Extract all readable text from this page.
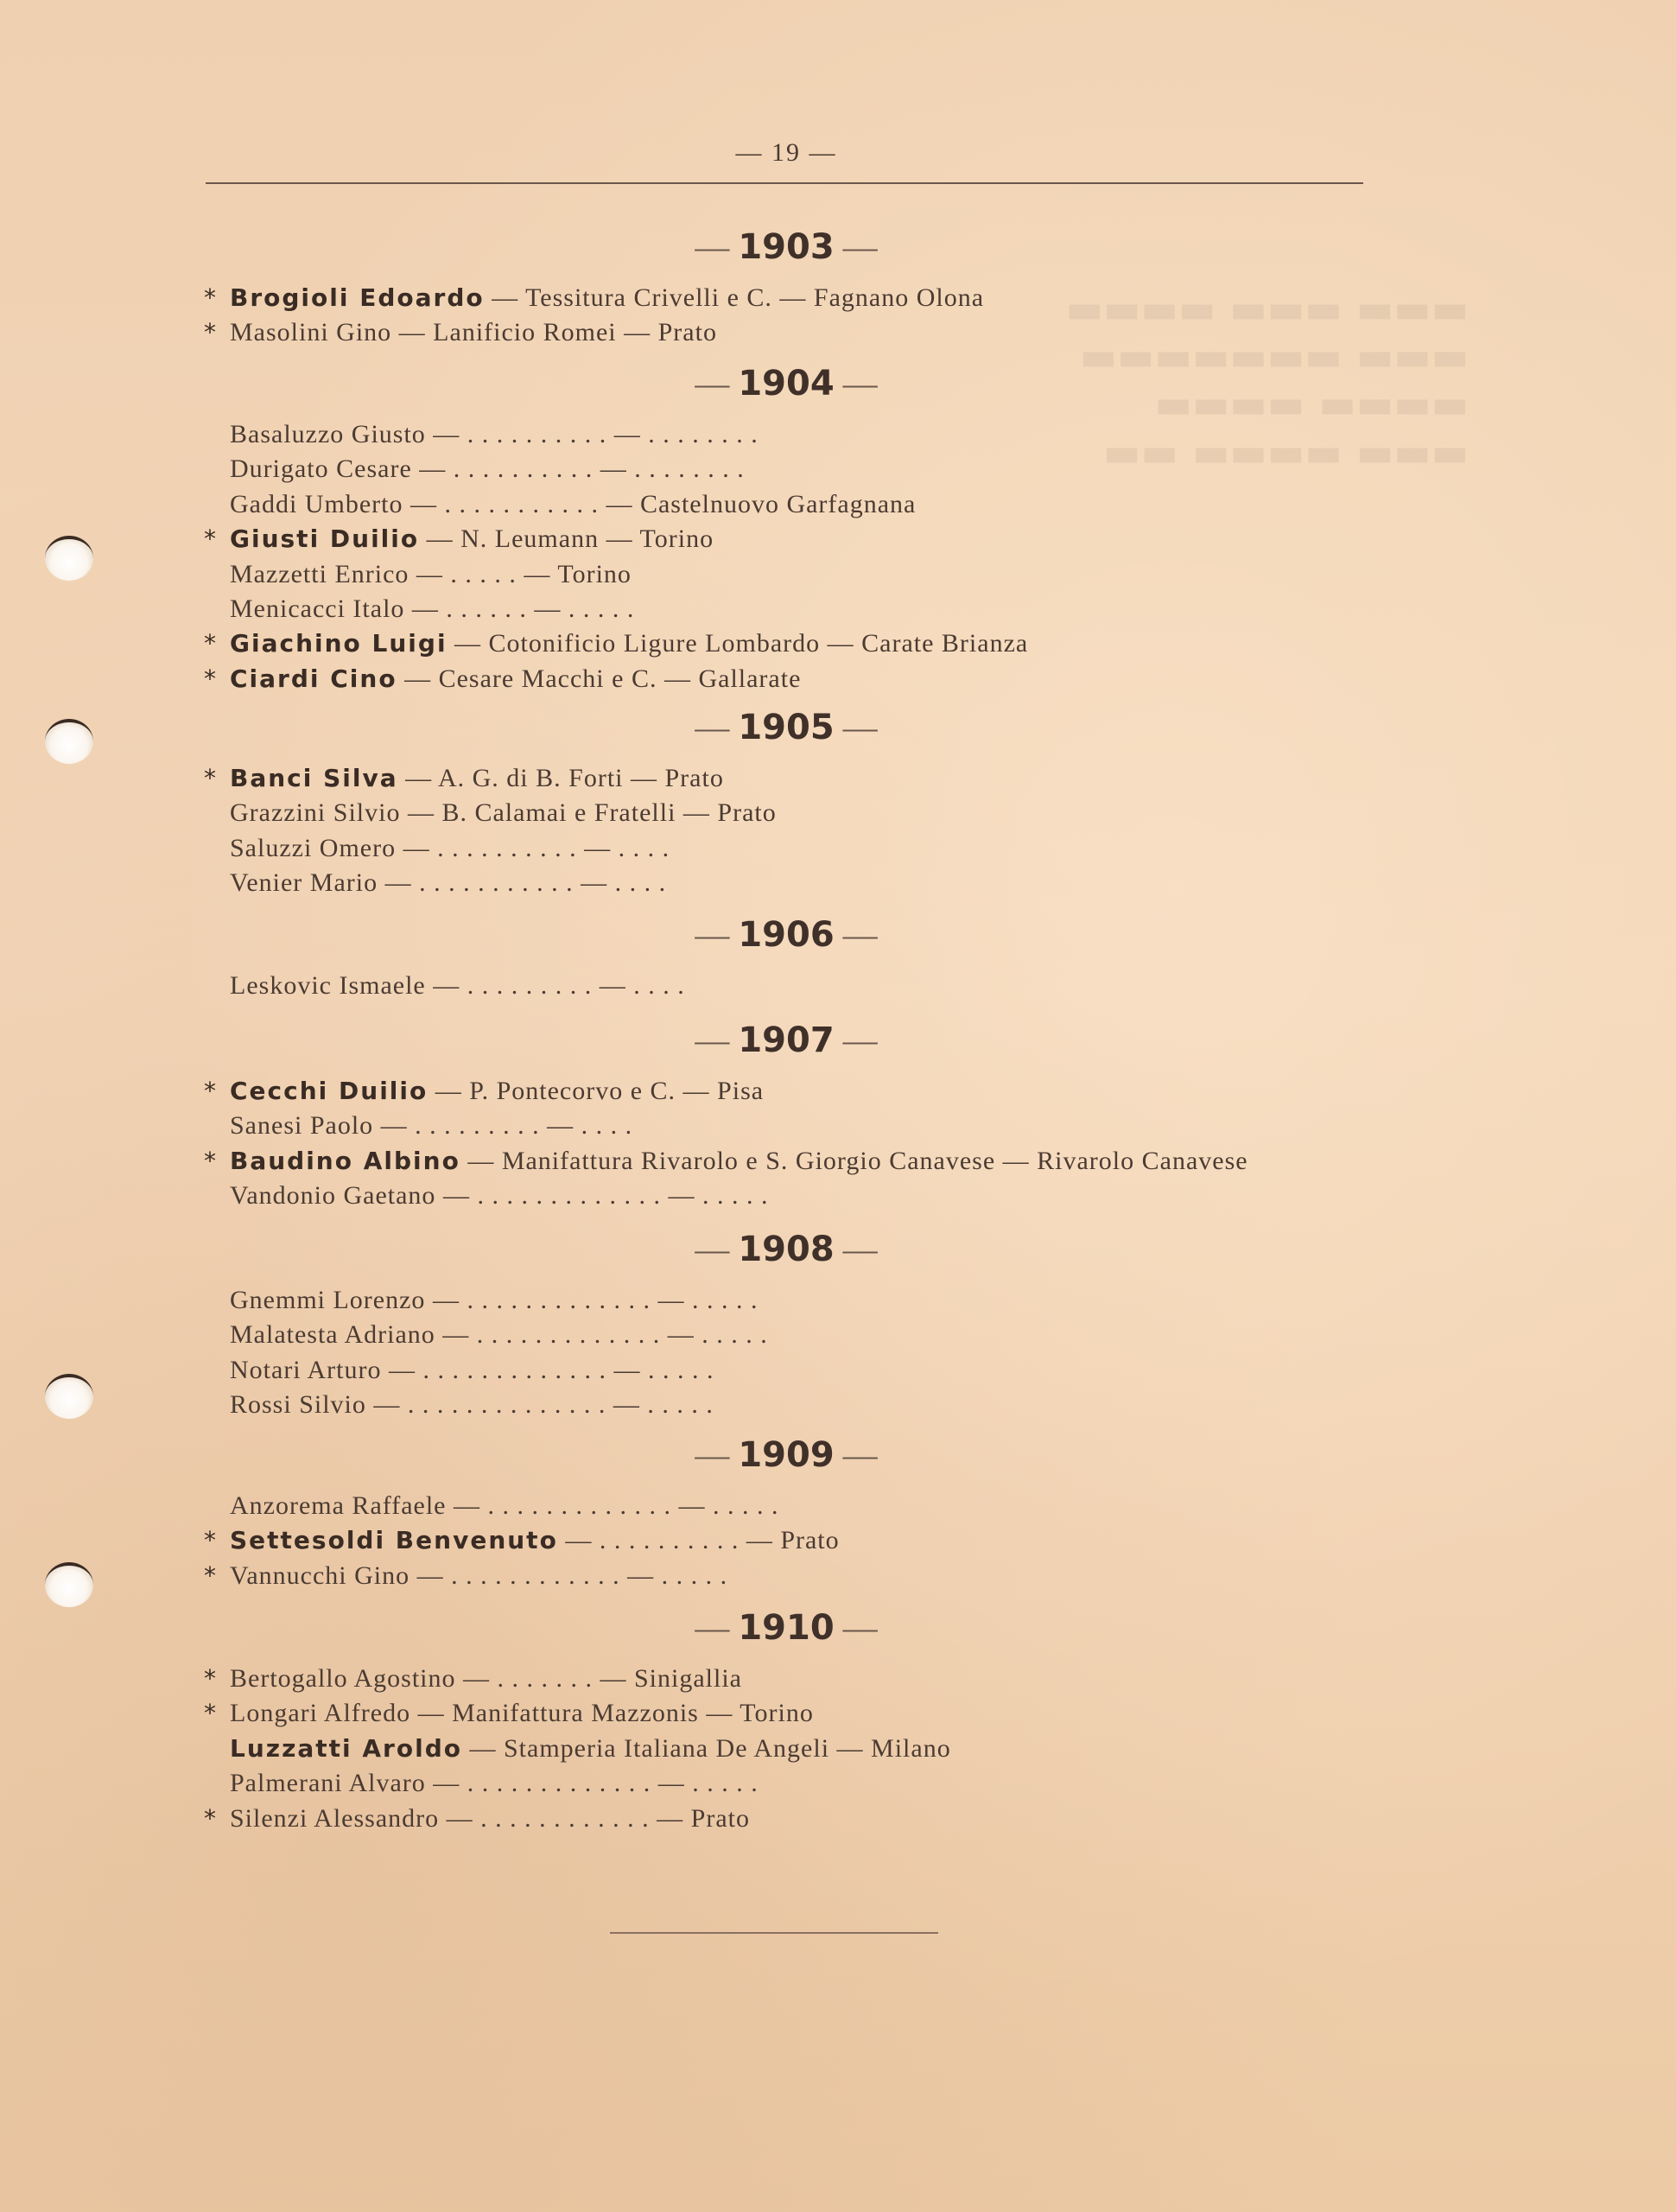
▬▬▬ ▬▬▬ ▬▬▬▬
▬▬▬ ▬▬▬▬▬▬▬
▬▬▬▬ ▬▬▬▬
▬▬▬ ▬▬▬▬ ▬▬
— 19 —
— 1903 —
* Brogioli Edoardo — Tessitura Crivelli e C. — Fagnano Olona
* Masolini Gino — Lanificio Romei — Prato
— 1904 —
Basaluzzo Giusto — . . . . . . . . . . — . . . . . . . .
Durigato Cesare — . . . . . . . . . . — . . . . . . . .
Gaddi Umberto — . . . . . . . . . . . — Castelnuovo Garfagnana
* Giusti Duilio — N. Leumann — Torino
Mazzetti Enrico — . . . . . — Torino
Menicacci Italo — . . . . . . — . . . . .
* Giachino Luigi — Cotonificio Ligure Lombardo — Carate Brianza
* Ciardi Cino — Cesare Macchi e C. — Gallarate
— 1905 —
* Banci Silva — A. G. di B. Forti — Prato
Grazzini Silvio — B. Calamai e Fratelli — Prato
Saluzzi Omero — . . . . . . . . . . — . . . .
Venier Mario — . . . . . . . . . . . — . . . .
— 1906 —
Leskovic Ismaele — . . . . . . . . . — . . . .
— 1907 —
* Cecchi Duilio — P. Pontecorvo e C. — Pisa
Sanesi Paolo — . . . . . . . . . — . . . .
* Baudino Albino — Manifattura Rivarolo e S. Giorgio Canavese — Rivarolo Canavese
Vandonio Gaetano — . . . . . . . . . . . . . — . . . . .
— 1908 —
Gnemmi Lorenzo — . . . . . . . . . . . . . — . . . . .
Malatesta Adriano — . . . . . . . . . . . . . — . . . . .
Notari Arturo — . . . . . . . . . . . . . — . . . . .
Rossi Silvio — . . . . . . . . . . . . . . — . . . . .
— 1909 —
Anzorema Raffaele — . . . . . . . . . . . . . — . . . . .
* Settesoldi Benvenuto — . . . . . . . . . . — Prato
* Vannucchi Gino — . . . . . . . . . . . . — . . . . .
— 1910 —
* Bertogallo Agostino — . . . . . . . — Sinigallia
* Longari Alfredo — Manifattura Mazzonis — Torino
Luzzatti Aroldo — Stamperia Italiana De Angeli — Milano
Palmerani Alvaro — . . . . . . . . . . . . . — . . . . .
* Silenzi Alessandro — . . . . . . . . . . . . — Prato
